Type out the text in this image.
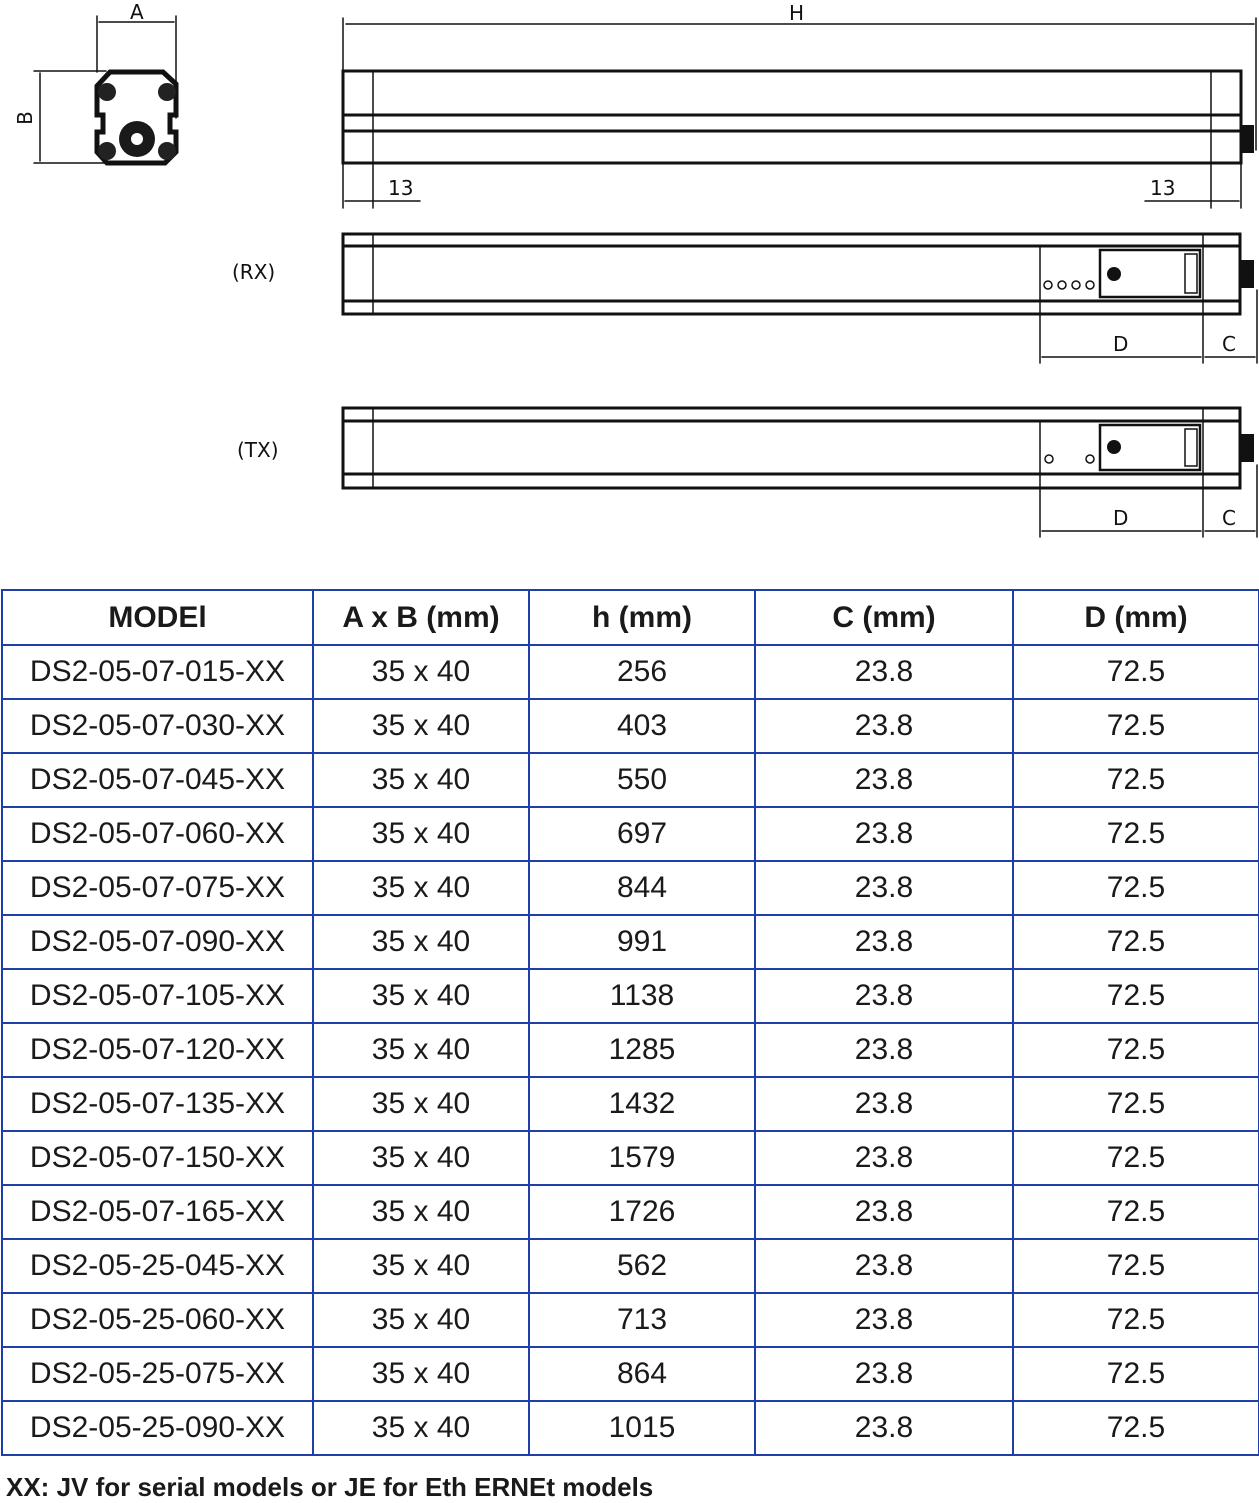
A
B
H
13	13
(RX)
D	C
(TX)
D	C
MODEl	A x B (mm)	h (mm)	C (mm)	D (mm)
DS2-05-07-015-XX	35 x 40	256	23.8	72.5
DS2-05-07-030-XX	35 x 40	403	23.8	72.5
DS2-05-07-045-XX	35 x 40	550	23.8	72.5
DS2-05-07-060-XX	35 x 40	697	23.8	72.5
DS2-05-07-075-XX	35 x 40	844	23.8	72.5
DS2-05-07-090-XX	35 x 40	991	23.8	72.5
DS2-05-07-105-XX	35 x 40	1138	23.8	72.5
DS2-05-07-120-XX	35 x 40	1285	23.8	72.5
DS2-05-07-135-XX	35 x 40	1432	23.8	72.5
DS2-05-07-150-XX	35 x 40	1579	23.8	72.5
DS2-05-07-165-XX	35 x 40	1726	23.8	72.5
DS2-05-25-045-XX	35 x 40	562	23.8	72.5
DS2-05-25-060-XX	35 x 40	713	23.8	72.5
DS2-05-25-075-XX	35 x 40	864	23.8	72.5
DS2-05-25-090-XX	35 x 40	1015	23.8	72.5
XX: JV for serial models or JE for Eth ERNEt models
